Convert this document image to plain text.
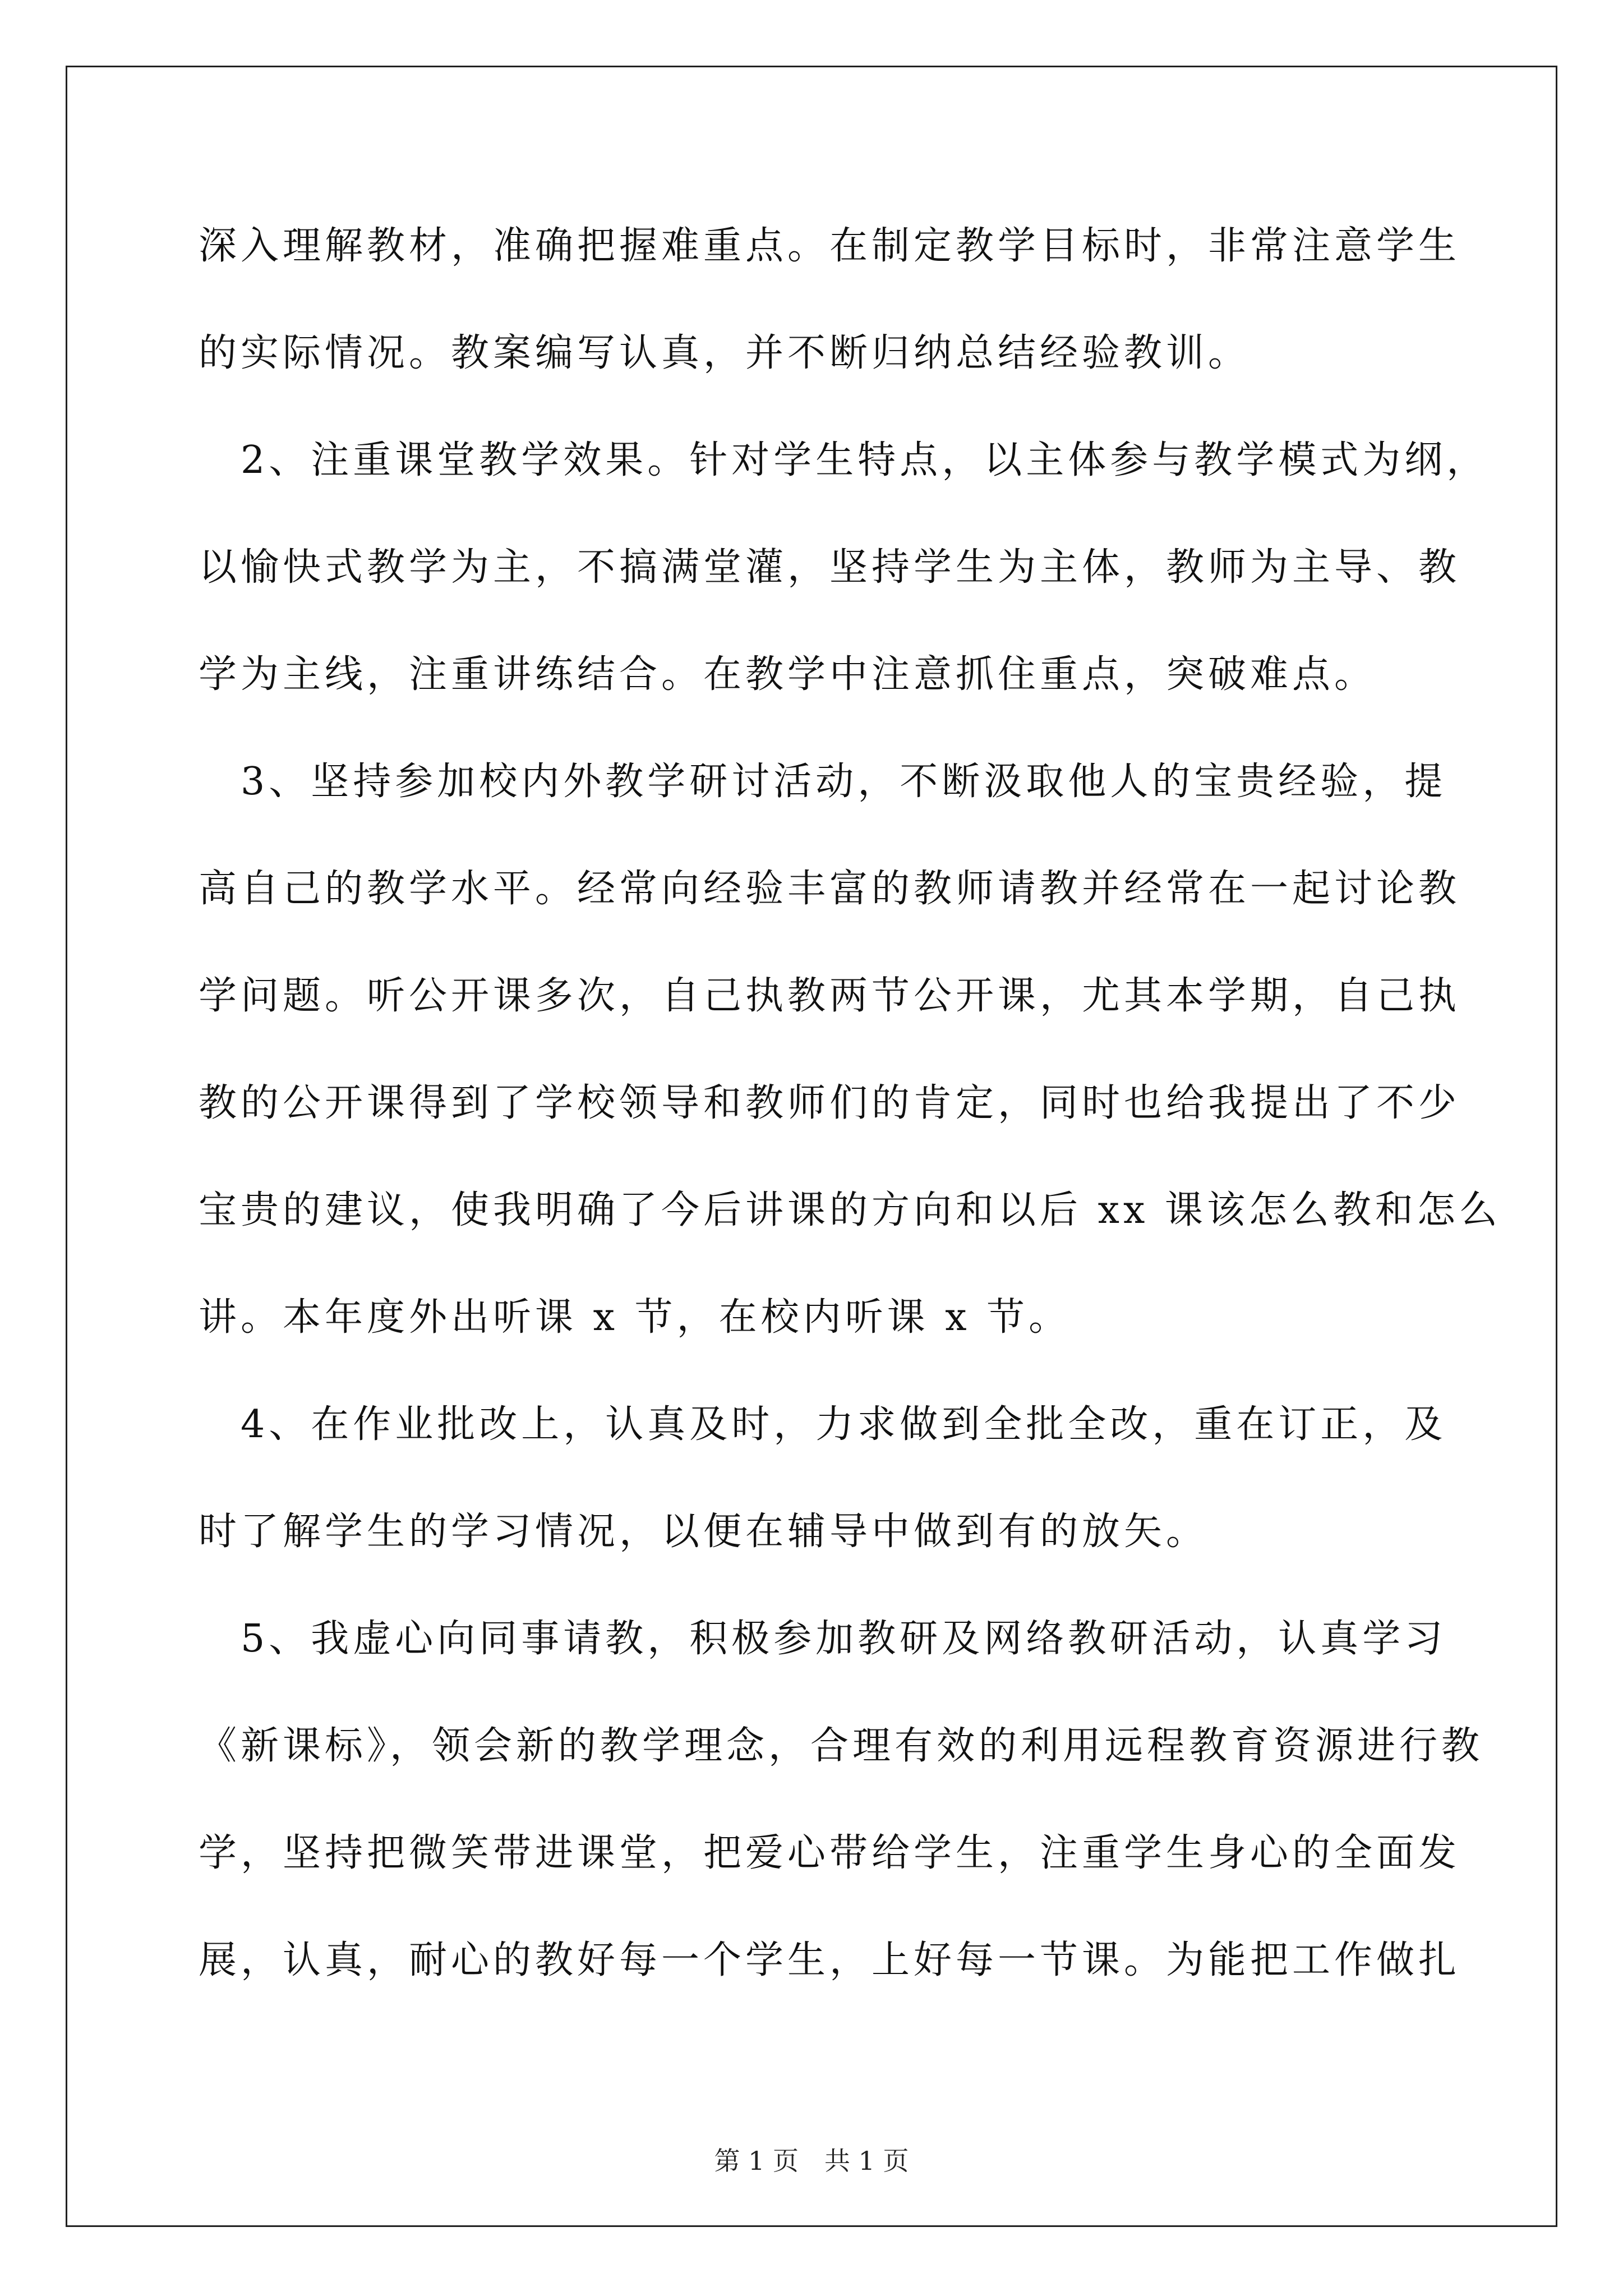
深入理解教材，准确把握难重点。在制定教学目标时，非常注意学生
的实际情况。教案编写认真，并不断归纳总结经验教训。
　2、注重课堂教学效果。针对学生特点，以主体参与教学模式为纲，
以愉快式教学为主，不搞满堂灌，坚持学生为主体，教师为主导、教
学为主线，注重讲练结合。在教学中注意抓住重点，突破难点。
　3、坚持参加校内外教学研讨活动，不断汲取他人的宝贵经验，提
高自己的教学水平。经常向经验丰富的教师请教并经常在一起讨论教
学问题。听公开课多次，自己执教两节公开课，尤其本学期，自己执
教的公开课得到了学校领导和教师们的肯定，同时也给我提出了不少
宝贵的建议，使我明确了今后讲课的方向和以后 xx 课该怎么教和怎么
讲。本年度外出听课 x 节，在校内听课 x 节。
　4、在作业批改上，认真及时，力求做到全批全改，重在订正，及
时了解学生的学习情况，以便在辅导中做到有的放矢。
　5、我虚心向同事请教，积极参加教研及网络教研活动，认真学习
《新课标》，领会新的教学理念，合理有效的利用远程教育资源进行教
学，坚持把微笑带进课堂，把爱心带给学生，注重学生身心的全面发
展，认真，耐心的教好每一个学生，上好每一节课。为能把工作做扎
第 1 页　共 1 页
